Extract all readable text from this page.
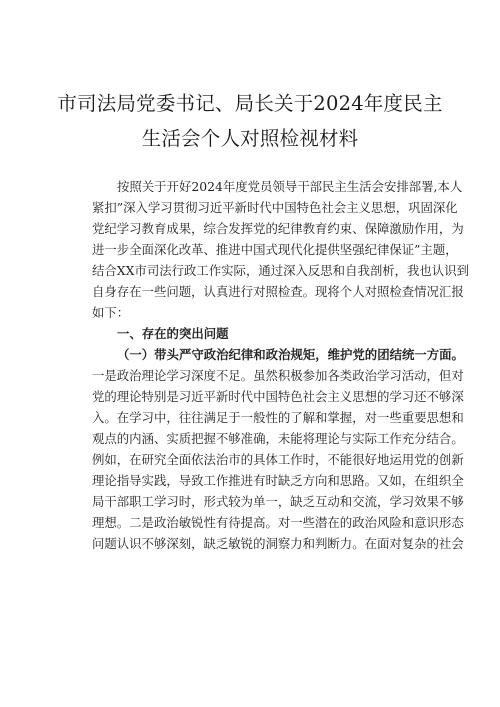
市司法局党委书记、局长关于2024年度民主
生活会个人对照检视材料
按照关于开好2024年度党员领导干部民主生活会安排部署,本人
紧扣”深入学习贯彻习近平新时代中国特色社会主义思想，巩固深化
党纪学习教育成果，综合发挥党的纪律教育约束、保障激励作用，为
进一步全面深化改革、推进中国式现代化提供坚强纪律保证”主题，
结合XX市司法行政工作实际，通过深入反思和自我剖析，我也认识到
自身存在一些问题，认真进行对照检查。现将个人对照检查情况汇报
如下：
一、存在的突出问题
（一）带头严守政治纪律和政治规矩，维护党的团结统一方面。
一是政治理论学习深度不足。虽然积极参加各类政治学习活动，但对
党的理论特别是习近平新时代中国特色社会主义思想的学习还不够深
入。在学习中，往往满足于一般性的了解和掌握，对一些重要思想和
观点的内涵、实质把握不够准确，未能将理论与实际工作充分结合。
例如，在研究全面依法治市的具体工作时，不能很好地运用党的创新
理论指导实践，导致工作推进有时缺乏方向和思路。又如，在组织全
局干部职工学习时，形式较为单一，缺乏互动和交流，学习效果不够
理想。二是政治敏锐性有待提高。对一些潜在的政治风险和意识形态
问题认识不够深刻，缺乏敏锐的洞察力和判断力。在面对复杂的社会
